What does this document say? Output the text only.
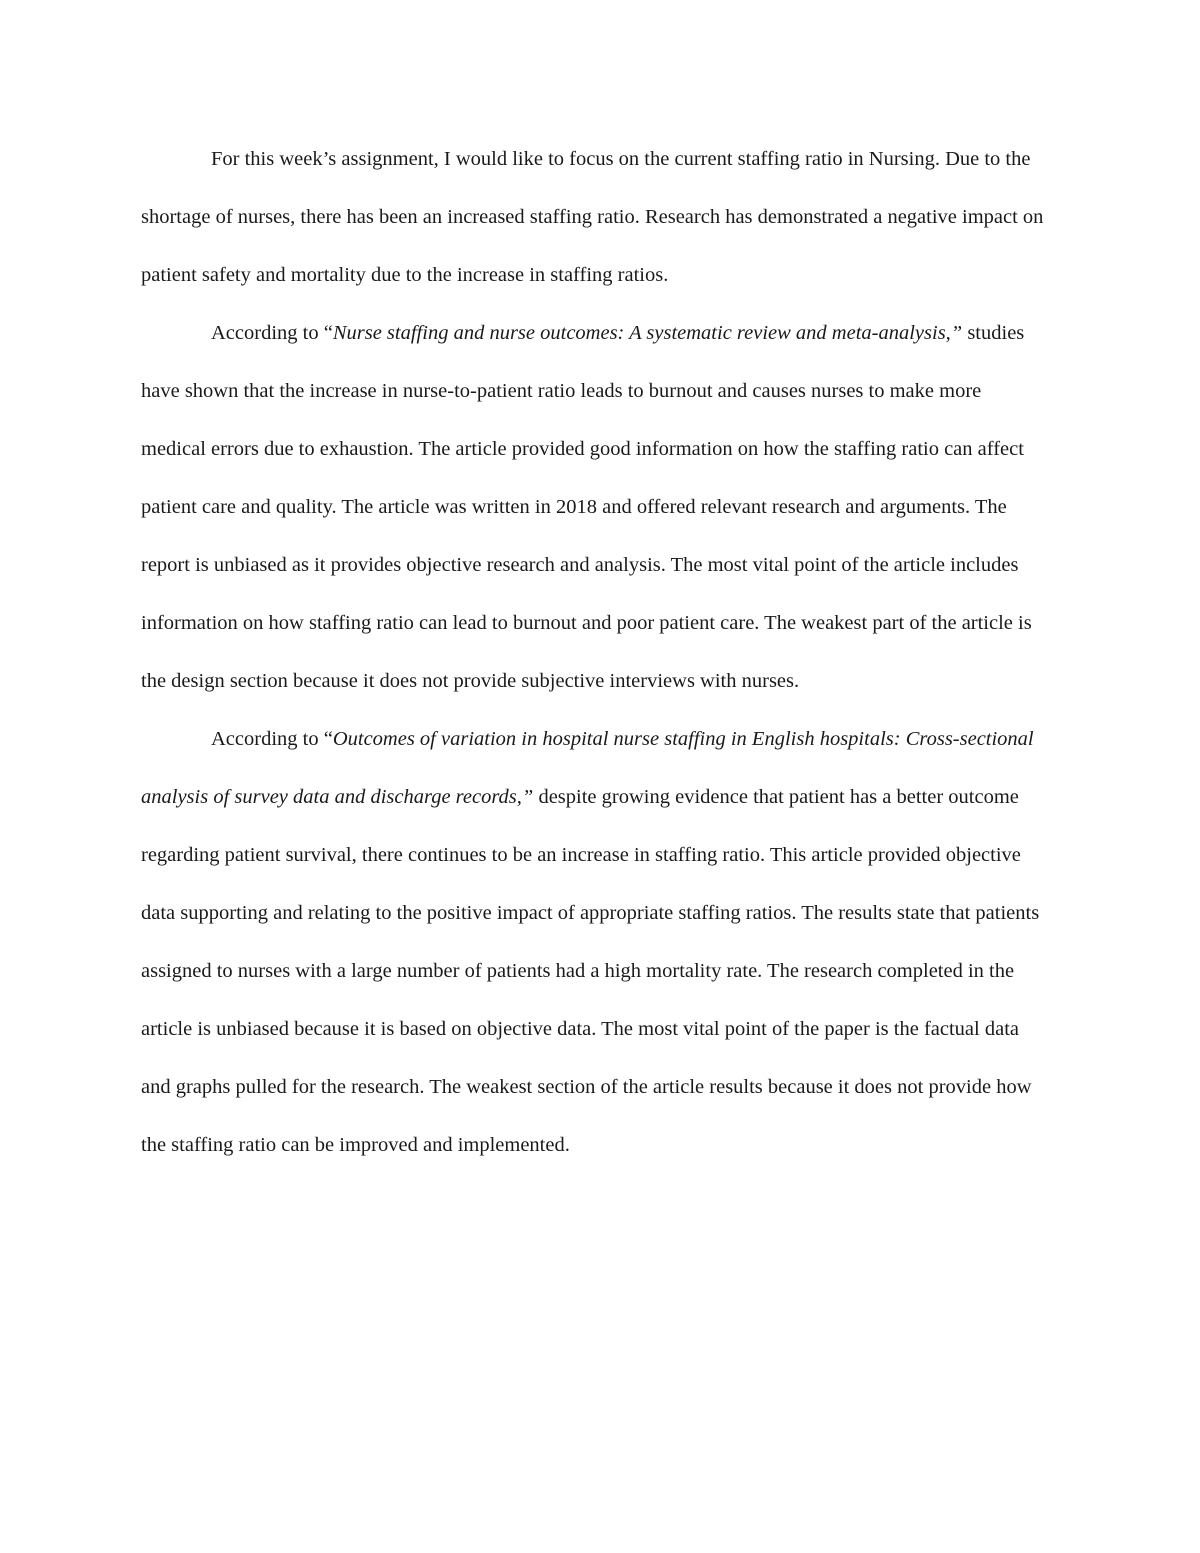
For this week’s assignment, I would like to focus on the current staffing ratio in Nursing. Due to the shortage of nurses, there has been an increased staffing ratio. Research has demonstrated a negative impact on patient safety and mortality due to the increase in staffing ratios.

According to “Nurse staffing and nurse outcomes: A systematic review and meta-analysis,” studies have shown that the increase in nurse-to-patient ratio leads to burnout and causes nurses to make more medical errors due to exhaustion. The article provided good information on how the staffing ratio can affect patient care and quality. The article was written in 2018 and offered relevant research and arguments. The report is unbiased as it provides objective research and analysis. The most vital point of the article includes information on how staffing ratio can lead to burnout and poor patient care. The weakest part of the article is the design section because it does not provide subjective interviews with nurses.

According to “Outcomes of variation in hospital nurse staffing in English hospitals: Cross-sectional analysis of survey data and discharge records,” despite growing evidence that patient has a better outcome regarding patient survival, there continues to be an increase in staffing ratio. This article provided objective data supporting and relating to the positive impact of appropriate staffing ratios. The results state that patients assigned to nurses with a large number of patients had a high mortality rate. The research completed in the article is unbiased because it is based on objective data. The most vital point of the paper is the factual data and graphs pulled for the research. The weakest section of the article results because it does not provide how the staffing ratio can be improved and implemented.
